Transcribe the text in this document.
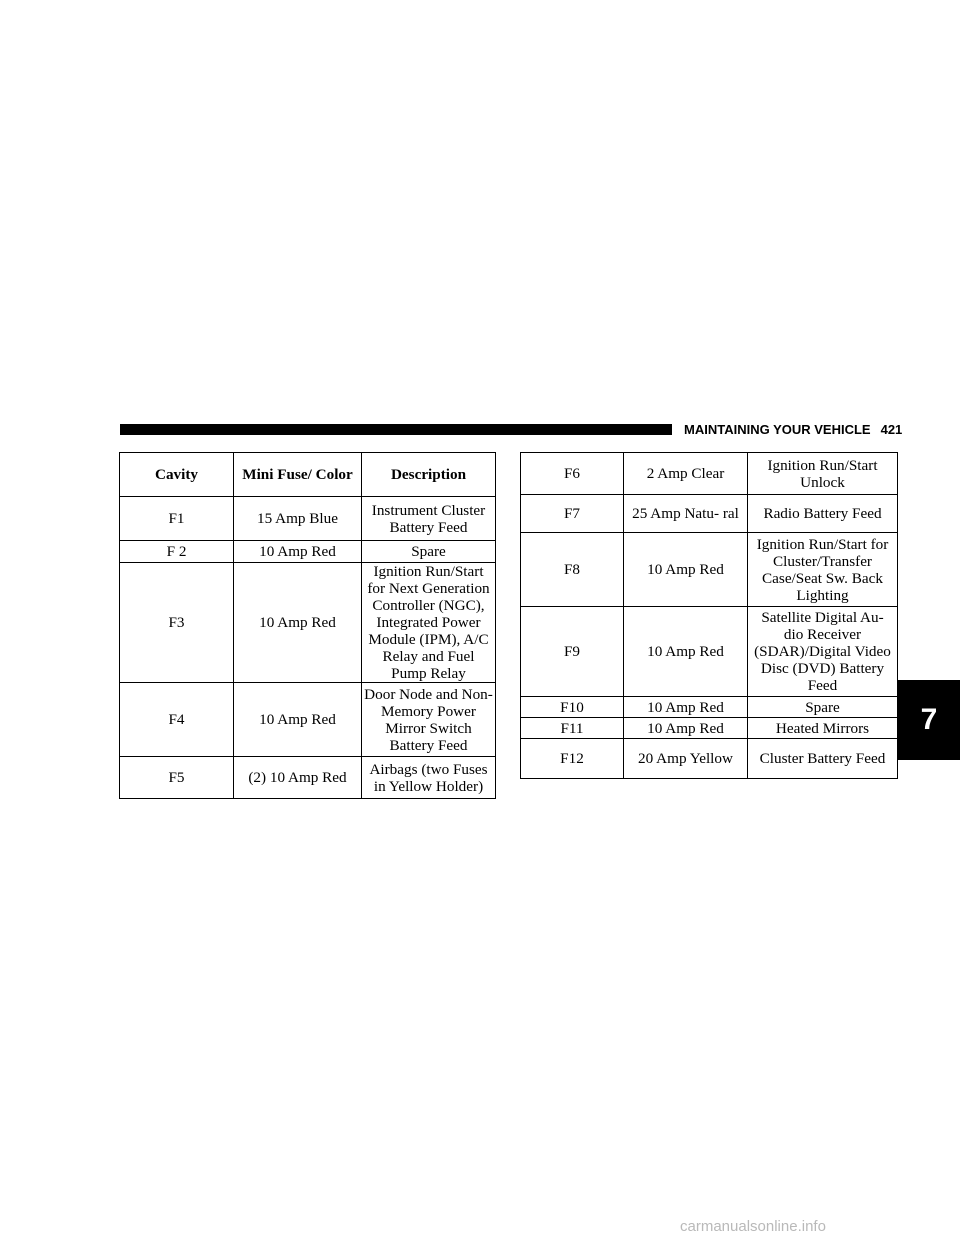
MAINTAINING YOUR VEHICLE 421
Cavity	Mini Fuse/ Color	Description
F1	15 Amp Blue	Instrument Cluster Battery Feed
F 2	10 Amp Red	Spare
F3	10 Amp Red	Ignition Run/Start for Next Generation Controller (NGC), Integrated Power Module (IPM), A/C Relay and Fuel Pump Relay
F4	10 Amp Red	Door Node and Non-Memory Power Mirror Switch Battery Feed
F5	(2) 10 Amp Red	Airbags (two Fuses in Yellow Holder)
F6	2 Amp Clear	Ignition Run/Start Unlock
F7	25 Amp Natu- ral	Radio Battery Feed
F8	10 Amp Red	Ignition Run/Start for Cluster/Transfer Case/Seat Sw. Back Lighting
F9	10 Amp Red	Satellite Digital Au- dio Receiver (SDAR)/Digital Video Disc (DVD) Battery Feed
F10	10 Amp Red	Spare
F11	10 Amp Red	Heated Mirrors
F12	20 Amp Yellow	Cluster Battery Feed
7
carmanualsonline.info
